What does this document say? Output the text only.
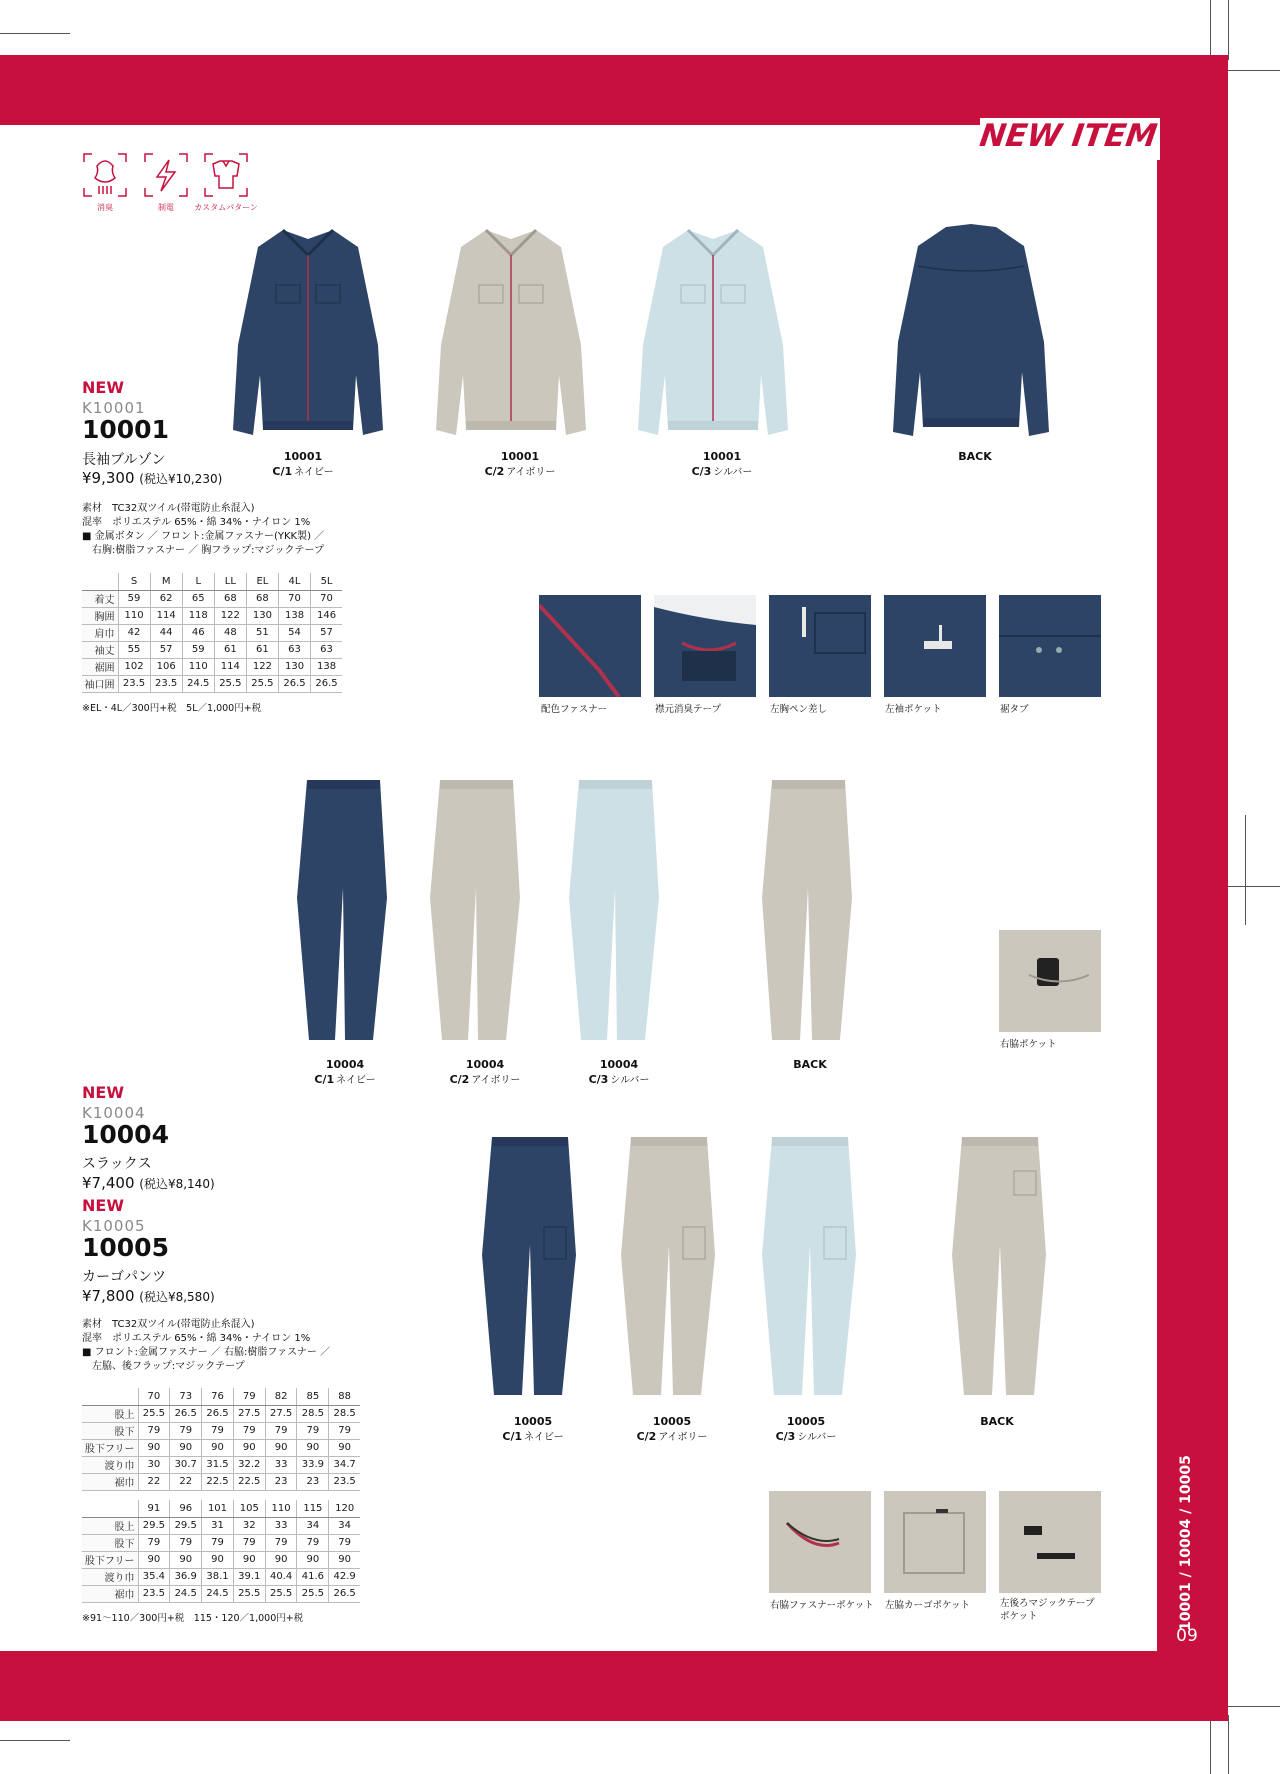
NEW ITEM
10001 / 10004 / 10005
09
消臭	制電	カスタムパターン
NEW
K10001
10001
長袖ブルゾン
¥9,300 (税込¥10,230)
素材　TC32双ツイル(帯電防止糸混入)
混率　ポリエステル 65%・綿 34%・ナイロン 1%
■ 金属ボタン ／ フロント:金属ファスナー(YKK製) ／
　右胸:樹脂ファスナー ／ 胸フラップ:マジックテープ
	S	M	L	LL	EL	4L	5L
着丈	59	62	65	68	68	70	70
胸囲	110	114	118	122	130	138	146
肩巾	42	44	46	48	51	54	57
袖丈	55	57	59	61	61	63	63
裾囲	102	106	110	114	122	130	138
袖口囲	23.5	23.5	24.5	25.5	25.5	26.5	26.5
※EL・4L／300円+税　5L／1,000円+税
10001
C/1 ネイビー
10001
C/2 アイボリー
10001
C/3 シルバー
BACK
配色ファスナー	襟元消臭テープ	左胸ペン差し	左袖ポケット	裾タブ
10004
C/1 ネイビー
10004
C/2 アイボリー
10004
C/3 シルバー
BACK
右脇ポケット
NEW
K10004
10004
スラックス
¥7,400 (税込¥8,140)
NEW
K10005
10005
カーゴパンツ
¥7,800 (税込¥8,580)
素材　TC32双ツイル(帯電防止糸混入)
混率　ポリエステル 65%・綿 34%・ナイロン 1%
■ フロント:金属ファスナー ／ 右脇:樹脂ファスナー ／
　左脇、後フラップ:マジックテープ
	70	73	76	79	82	85	88
股上	25.5	26.5	26.5	27.5	27.5	28.5	28.5
股下	79	79	79	79	79	79	79
股下フリー	90	90	90	90	90	90	90
渡り巾	30	30.7	31.5	32.2	33	33.9	34.7
裾巾	22	22	22.5	22.5	23	23	23.5
	91	96	101	105	110	115	120
股上	29.5	29.5	31	32	33	34	34
股下	79	79	79	79	79	79	79
股下フリー	90	90	90	90	90	90	90
渡り巾	35.4	36.9	38.1	39.1	40.4	41.6	42.9
裾巾	23.5	24.5	24.5	25.5	25.5	25.5	26.5
※91〜110／300円+税　115・120／1,000円+税
10005
C/1 ネイビー
10005
C/2 アイボリー
10005
C/3 シルバー
BACK
右脇ファスナーポケット 左脇カーゴポケット	左後ろマジックテープ
ポケット
